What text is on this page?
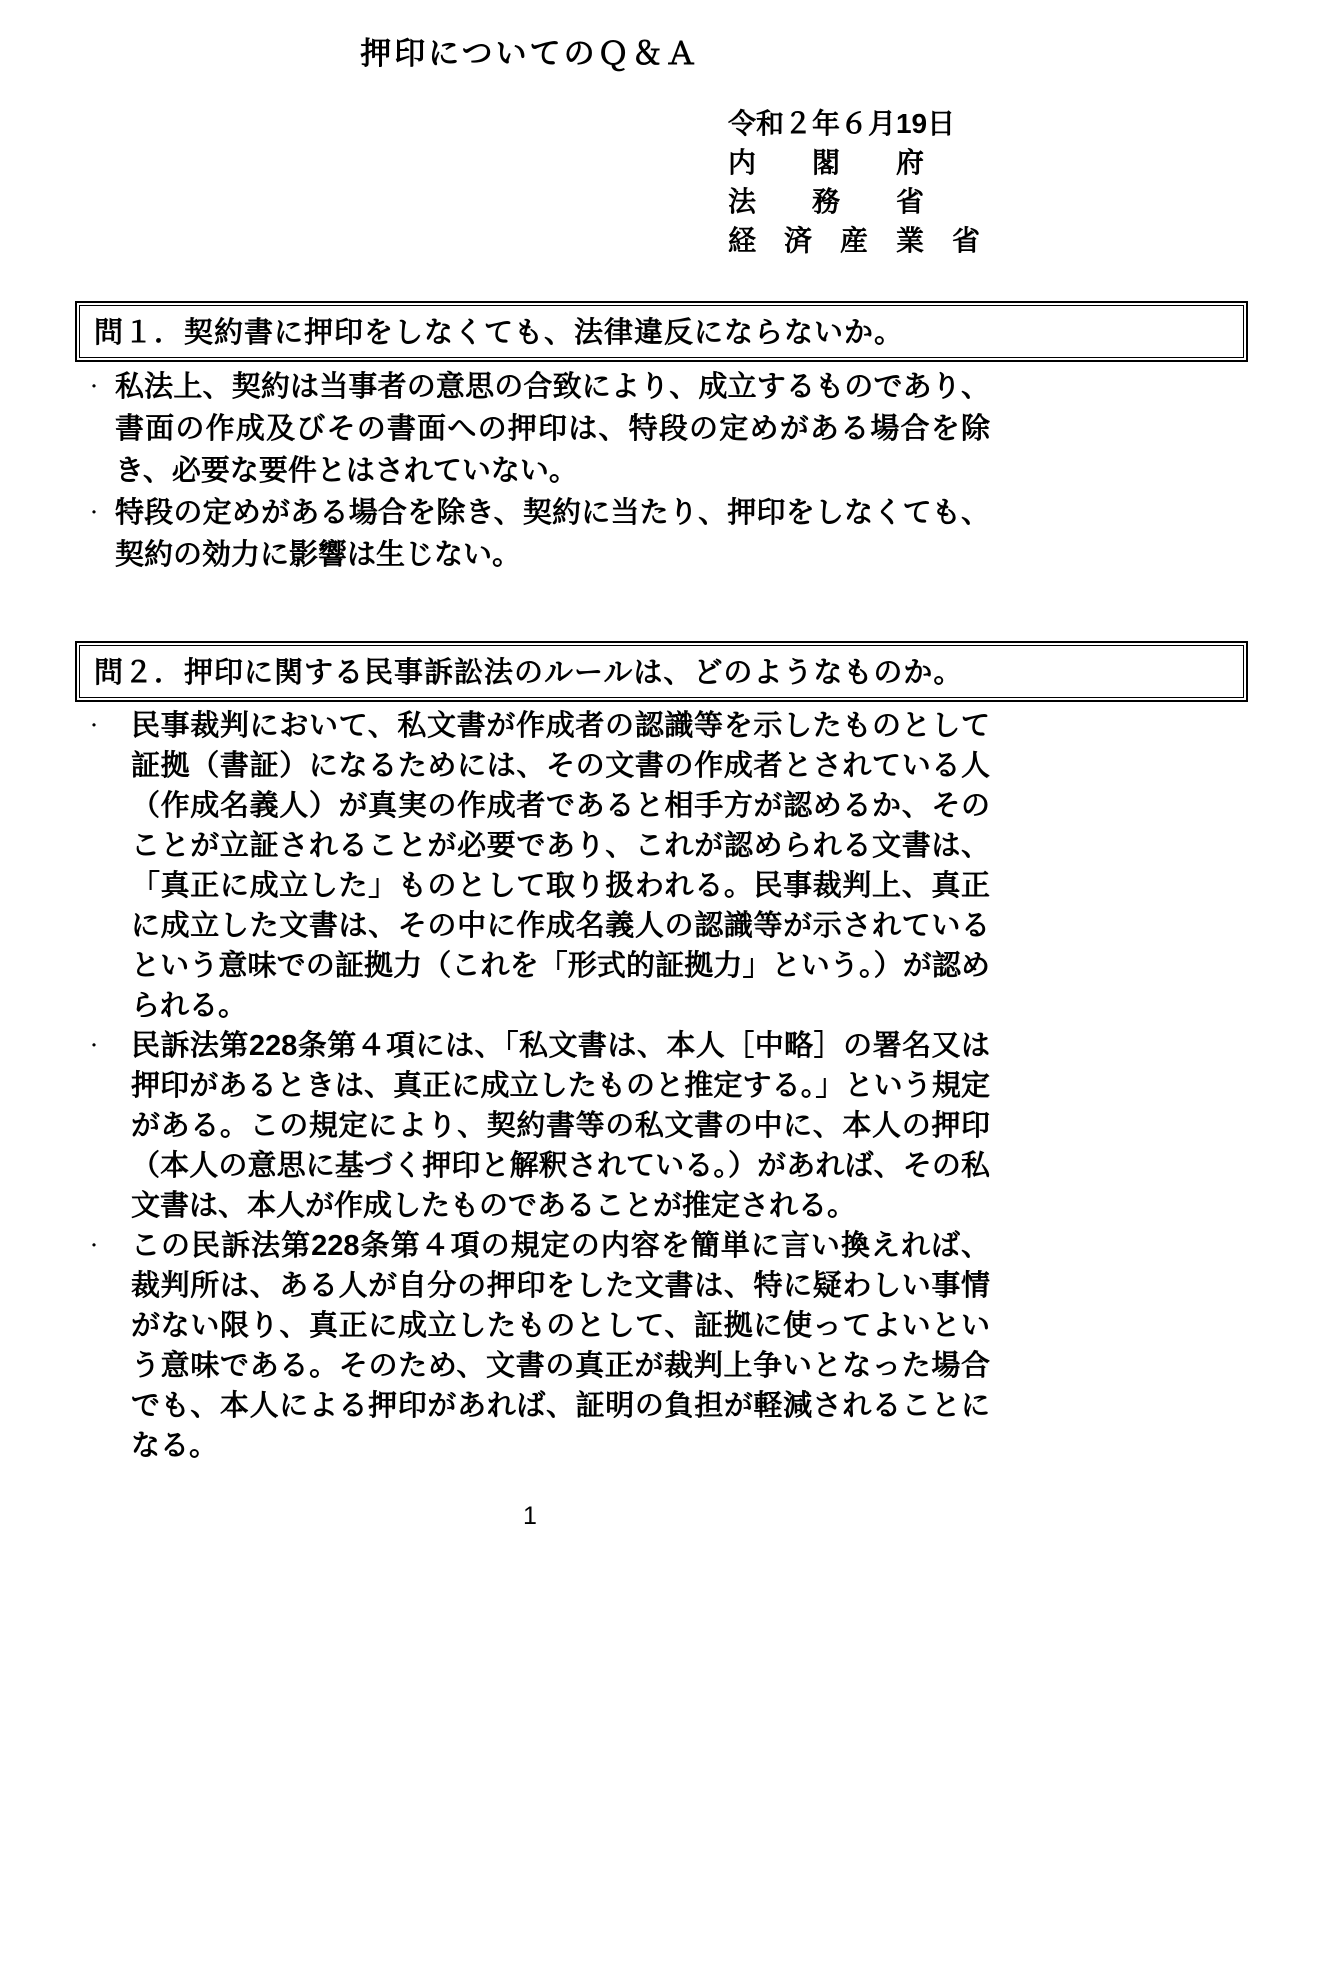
押印についてのＱ＆Ａ
令和２年６月19日
内　　閣　　府
法　　務　　省
経　済　産　業　省
問１．契約書に押印をしなくても、法律違反にならないか。
・ 私法上、契約は当事者の意思の合致により、成立するものであり、書面の作成及びその書面への押印は、特段の定めがある場合を除き、必要な要件とはされていない。
・ 特段の定めがある場合を除き、契約に当たり、押印をしなくても、契約の効力に影響は生じない。
問２．押印に関する民事訴訟法のルールは、どのようなものか。
・ 民事裁判において、私文書が作成者の認識等を示したものとして証拠（書証）になるためには、その文書の作成者とされている人（作成名義人）が真実の作成者であると相手方が認めるか、そのことが立証されることが必要であり、これが認められる文書は、「真正に成立した」ものとして取り扱われる。民事裁判上、真正に成立した文書は、その中に作成名義人の認識等が示されているという意味での証拠力（これを「形式的証拠力」という。）が認められる。
・ 民訴法第228条第４項には、「私文書は、本人［中略］の署名又は押印があるときは、真正に成立したものと推定する。」という規定がある。この規定により、契約書等の私文書の中に、本人の押印（本人の意思に基づく押印と解釈されている。）があれば、その私文書は、本人が作成したものであることが推定される。
・ この民訴法第228条第４項の規定の内容を簡単に言い換えれば、裁判所は、ある人が自分の押印をした文書は、特に疑わしい事情がない限り、真正に成立したものとして、証拠に使ってよいという意味である。そのため、文書の真正が裁判上争いとなった場合でも、本人による押印があれば、証明の負担が軽減されることになる。
1
